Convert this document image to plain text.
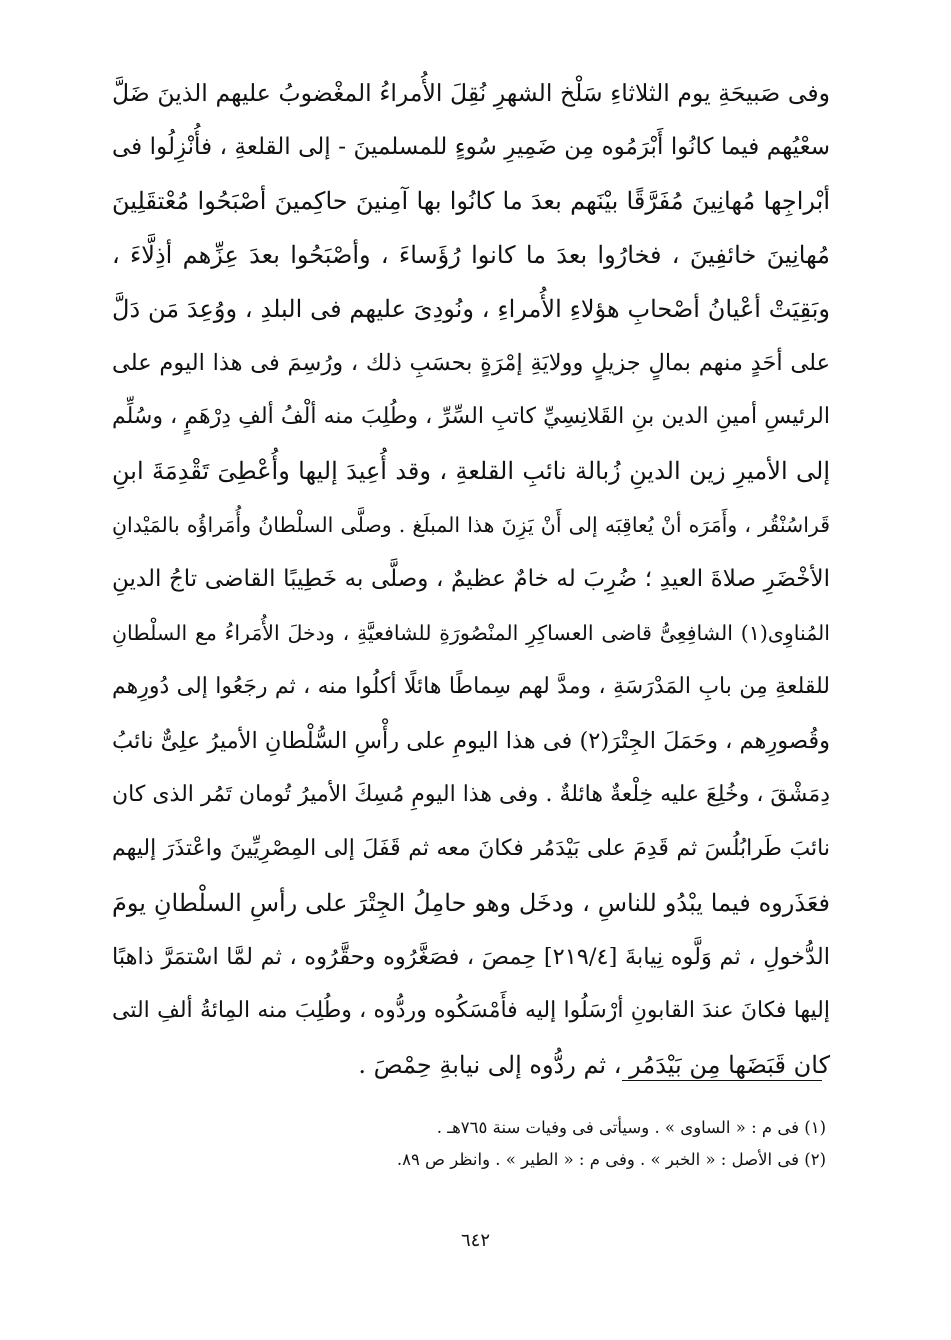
وفى صَبيحَةِ يوم الثلاثاءِ سَلْخ الشهرِ نُقِلَ الأُمراءُ المغْضوبُ عليهم الذينَ ضَلَّ
سعْيُهم فيما كانُوا أَبْرَمُوه مِن ضَمِيرِ سُوءٍ للمسلمينَ - إلى القلعةِ ، فأُنْزِلُوا فى
أبْراجِها مُهانِينَ مُفَرَّقًا بيْنَهم بعدَ ما كانُوا بها آمِنينَ حاكِمينَ أصْبَحُوا مُعْتقَلِينَ
مُهانِينَ خائفِينَ ، فخارُوا بعدَ ما كانوا رُؤَساءَ ، وأصْبَحُوا بعدَ عِزِّهم أذِلَّاءَ ،
وبَقِيَتْ أعْيانُ أصْحابِ هؤلاءِ الأُمراءِ ، ونُودِىَ عليهم فى البلدِ ، ووُعِدَ مَن دَلَّ
على أحَدٍ منهم بمالٍ جزيلٍ وولايَةِ إمْرَةٍ بحسَبِ ذلك ، ورُسِمَ فى هذا اليوم على
الرئيسِ أمينِ الدين بنِ القَلانِسِيِّ كاتبِ السِّرِّ ، وطُلِبَ منه ألْفُ ألفِ دِرْهَمٍ ، وسُلِّم
إلى الأميرِ زين الدينِ زُبالة نائبِ القلعةِ ، وقد أُعِيدَ إليها وأُعْطِىَ تَقْدِمَةَ ابنِ
قَراسُنْقُر ، وأَمَرَه أنْ يُعاقِبَه إلى أَنْ يَزِنَ هذا المبلَغ . وصلَّى السلْطانُ وأُمَراؤُه بالمَيْدانِ
الأخْضَرِ صلاةَ العيدِ ؛ ضُرِبَ له خامٌ عظيمٌ ، وصلَّى به خَطِيبًا القاضى تاجُ الدينِ
المُناوِى(١) الشافِعِىُّ قاضى العساكِرِ المنْصُورَةِ للشافعيَّةِ ، ودخلَ الأُمَراءُ مع السلْطانِ
للقلعةِ مِن بابِ المَدْرَسَةِ ، ومدَّ لهم سِماطًا هائلًا أكلُوا منه ، ثم رجَعُوا إلى دُورِهم
وقُصورِهم ، وحَمَلَ الجِتْرَ(٢) فى هذا اليومِ على رأْسِ السُّلْطانِ الأميرُ علِىٌّ نائبُ
دِمَشْقَ ، وخُلِعَ عليه خِلْعةٌ هائلةٌ . وفى هذا اليومِ مُسِكَ الأميرُ تُومان تَمُر الذى كان
نائبَ طَرابُلُسَ ثم قَدِمَ على بَيْدَمُر فكانَ معه ثم قَفَلَ إلى المِصْرِيِّينَ واعْتذَرَ إليهم
فعَذَروه فيما يبْدُو للناسِ ، ودخَل وهو حامِلُ الجِتْرَ على رأسِ السلْطانِ يومَ
الدُّخولِ ، ثم وَلَّوه نِيابةَ [٢١٩/٤] حِمصَ ، فصَغَّرُوه وحقَّرُوه ، ثم لمَّا اسْتمَرَّ ذاهبًا
إليها فكانَ عندَ القابونِ أرْسَلُوا إليه فأَمْسَكُوه وردُّوه ، وطُلِبَ منه المِائةُ ألفِ التى
كان قَبَضَها مِن بَيْدَمُر ، ثم ردُّوه إلى نيابةِ حِمْصَ .
(١) فى م : « الساوى » . وسيأتى فى وفيات سنة ٧٦٥هـ .
(٢) فى الأصل : « الخبر » . وفى م : « الطير » . وانظر ص ٨٩.
٦٤٢
